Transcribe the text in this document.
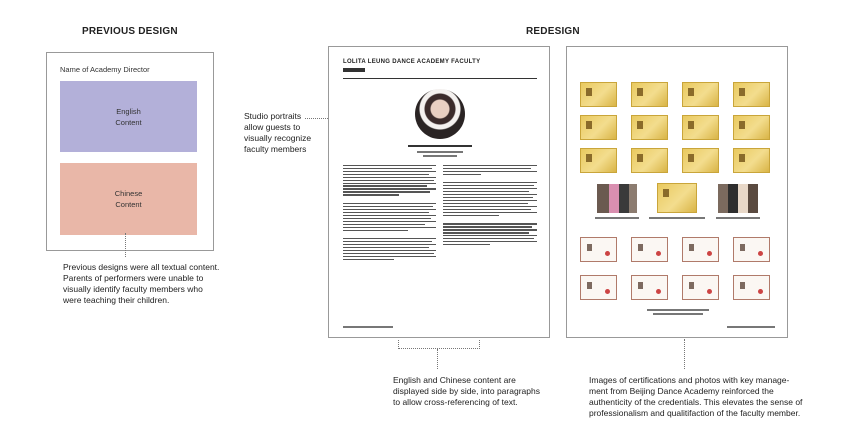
PREVIOUS DESIGN
Name of Academy Director
English
Content
Chinese
Content
Previous designs were all textual content.
Parents of performers were unable to
visually identify faculty members who
were teaching their children.
REDESIGN
Studio portraits
allow guests to
visually recognize
faculty members
LOLITA LEUNG DANCE ACADEMY FACULTY
English and Chinese content are
displayed side by side, into paragraphs
to allow cross-referencing of text.
Images of certifications and photos with key manage-
ment from Beijing Dance Academy reinforced the
authenticity of the credentials. This elevates the sense of
professionalism and qualitifaction of the faculty member.
